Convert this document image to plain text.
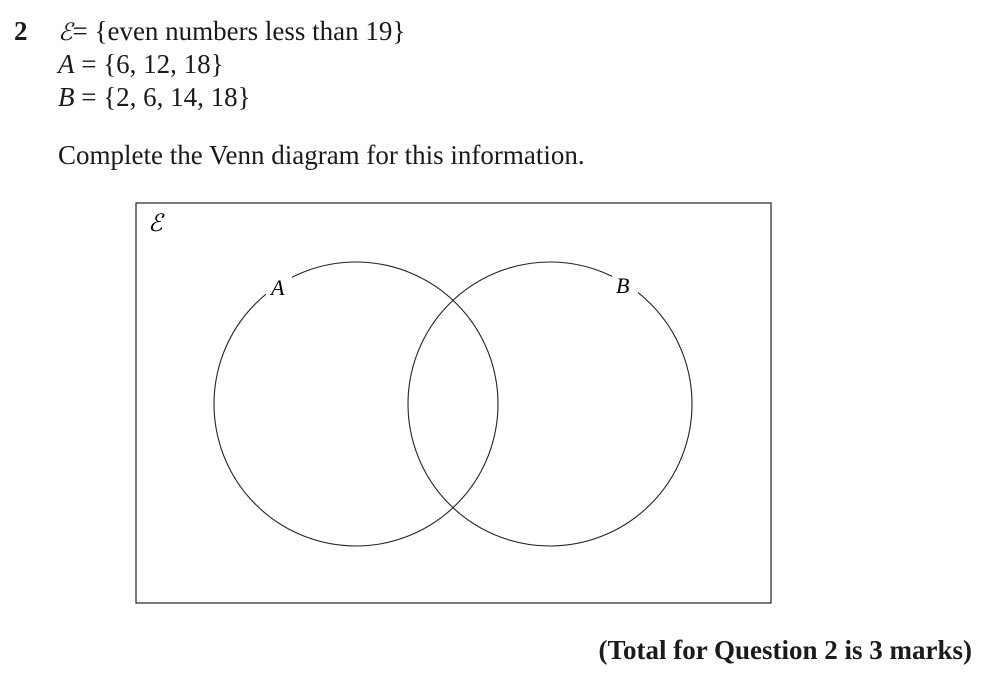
2 ℰ= {even numbers less than 19}
A = {6, 12, 18}
B = {2, 6, 14, 18}
Complete the Venn diagram for this information.
ℰ
A	B
(Total for Question 2 is 3 marks)
